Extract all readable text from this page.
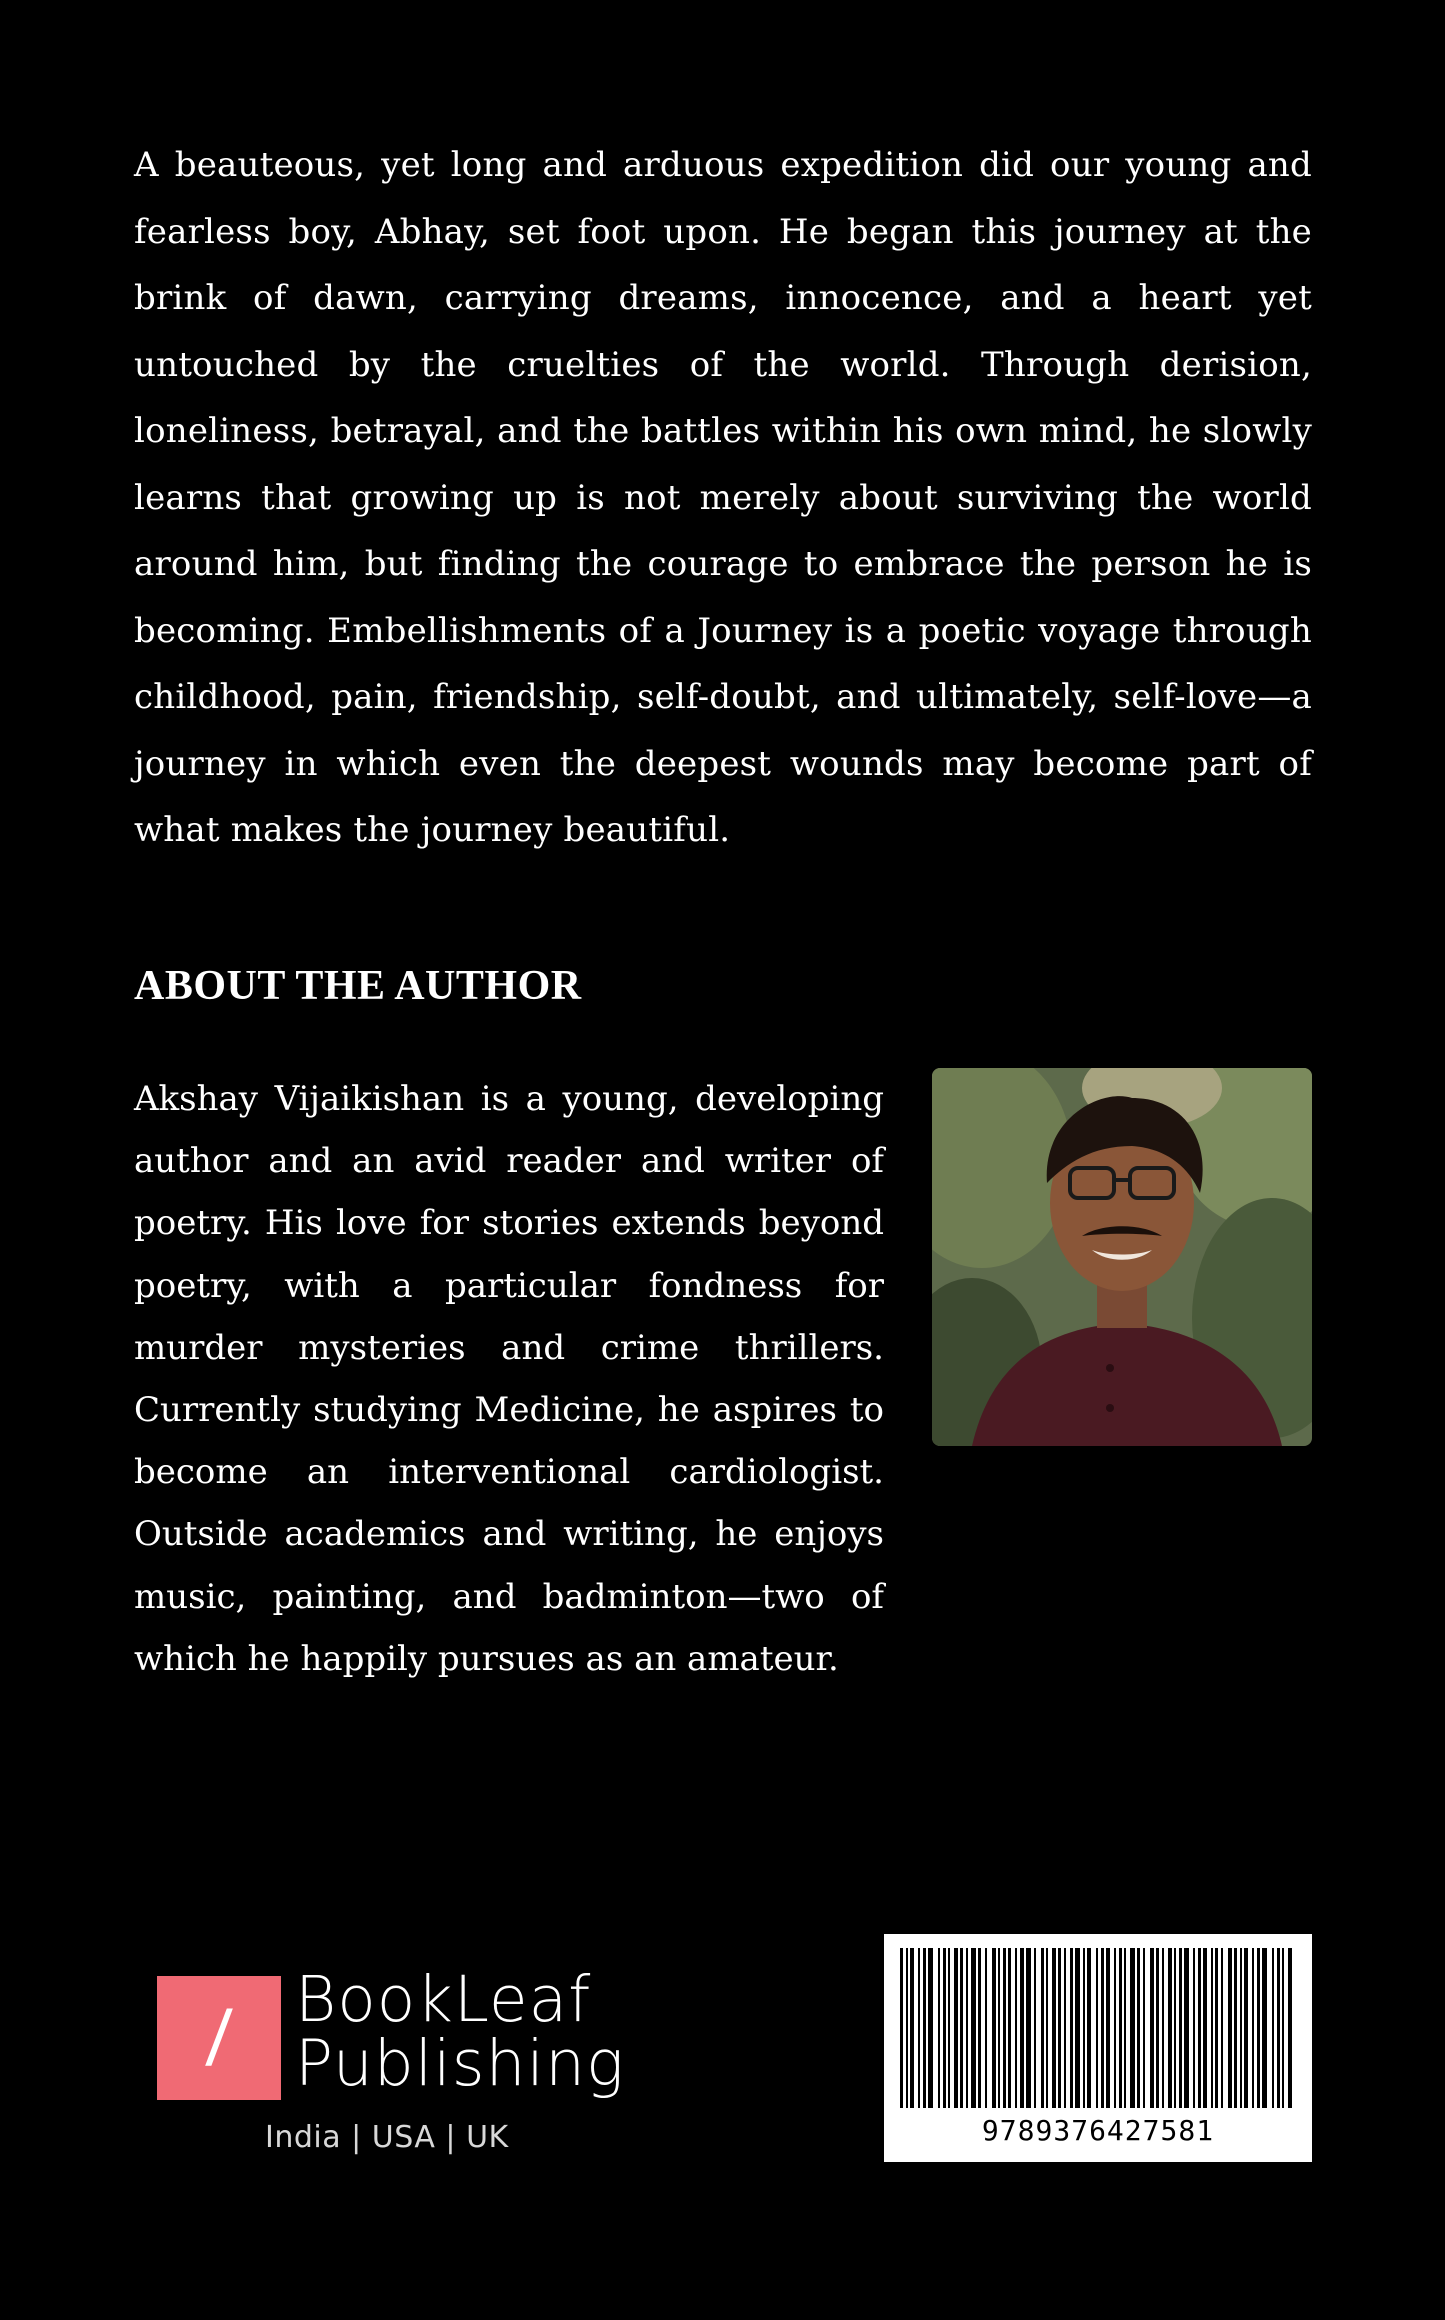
A beauteous, yet long and arduous expedition did our young and fearless boy, Abhay, set foot upon. He began this journey at the brink of dawn, carrying dreams, innocence, and a heart yet untouched by the cruelties of the world. Through derision, loneliness, betrayal, and the battles within his own mind, he slowly learns that growing up is not merely about surviving the world around him, but finding the courage to embrace the person he is becoming. Embellishments of a Journey is a poetic voyage through childhood, pain, friendship, self-doubt, and ultimately, self-love—a journey in which even the deepest wounds may become part of what makes the journey beautiful.

ABOUT THE AUTHOR

Akshay Vijaikishan is a young, developing author and an avid reader and writer of poetry. His love for stories extends beyond poetry, with a particular fondness for murder mysteries and crime thrillers. Currently studying Medicine, he aspires to become an interventional cardiologist. Outside academics and writing, he enjoys music, painting, and badminton—two of which he happily pursues as an amateur.

/ BookLeaf
Publishing
India | USA | UK	9789376427581
